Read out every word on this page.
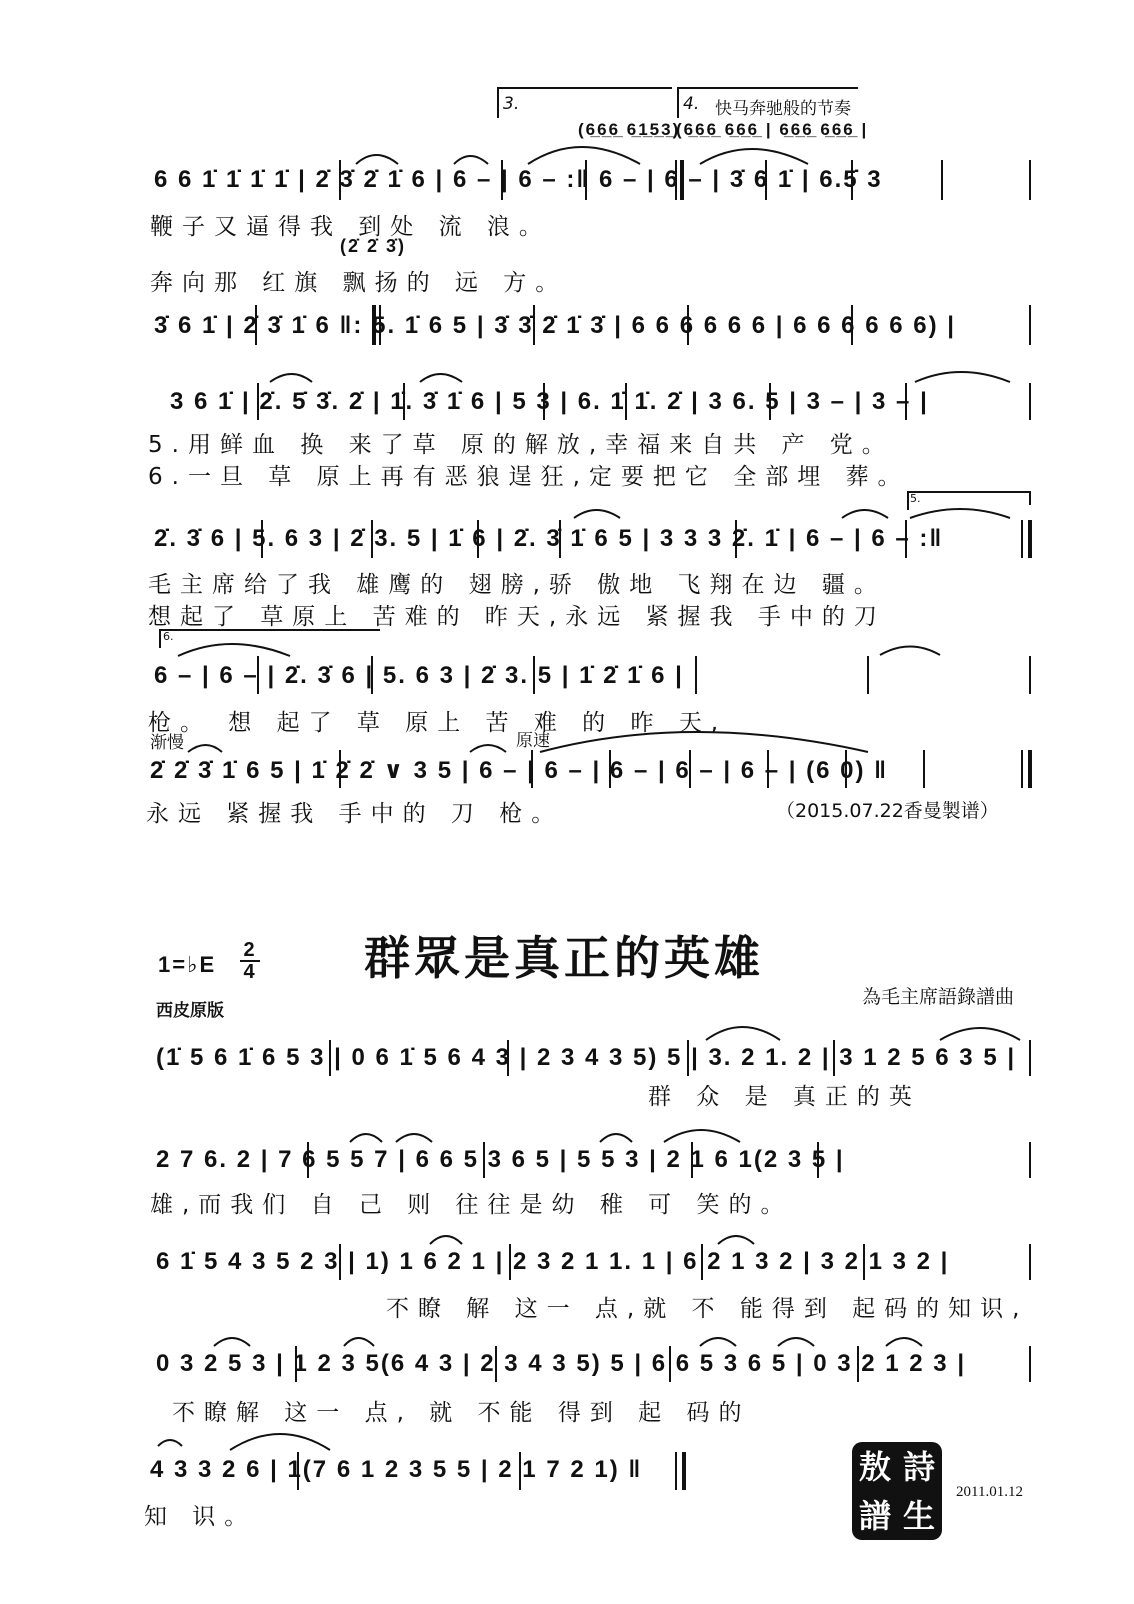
3.	4. 快马奔驰般的节奏
5.
6.
(6̲6̲6̲ 6̲1̲5̲3̲)
(6̲6̲6̲ 6̲6̲6̲ | 6̲6̲6̲ 6̲6̲6̲ |
6 6 1̇ 1̇ 1̇ 1̇ | 2̇ 3̇ 2̇ 1̇ 6 | 6 – | 6 – :‖ 6 – | 6 – | 3̇ 6 1̇ | 6.5̇ 3
鞭子又逼得我 到处 流 浪。
(2̇ 2̇ 3̇)
奔向那 红旗 飘扬的 远 方。
3̇ 6 1̇ | 2̇ 3̇ 1̇ 6 ‖: 5. 1̇ 6 5 | 3̇ 3̇ 2̇ 1̇ 3̇ | 6 6 6 6 6 6 | 6 6 6 6 6 6) |
3 6 1̇ | 2̇. 5̇ 3̇. 2̇ | 1̇. 3̇ 1̇ 6 | 5 3 | 6. 1̇ 1̇. 2̇ | 3 6. 5 | 3 – | 3 – |
5.用鲜血 换 来了草 原的解放,幸福来自共 产 党。
6.一旦 草 原上再有恶狼逞狂,定要把它 全部埋 葬。
2̇. 3̇ 6 | 5. 6 3 | 2̇ 3. 5 | 1̇ 6 | 2̇. 3̇ 1̇ 6 5 | 3 3 3 2̇. 1̇ | 6 – | 6 – :‖
毛主席给了我 雄鹰的 翅膀,骄 傲地 飞翔在边 疆。
想起了 草原上 苦难的 昨天,永远 紧握我 手中的刀
6 – | 6 – | 2̇. 3̇ 6 | 5. 6 3 | 2̇ 3. 5 | 1̇ 2̇ 1̇ 6 |
枪。 想 起了 草 原上 苦 难 的 昨 天,
渐慢	原速
2̇ 2̇ 3̇ 1̇ 6 5 | 1̇ 2̇ 2̇ ∨ 3 5 | 6 – | 6 – | 6 – | 6 – | 6 – | (6 0) ‖
永远 紧握我 手中的 刀 枪。	（2015.07.22香曼製谱）
1=♭E
2
4 群眾是真正的英雄
西皮原版
為毛主席語錄譜曲
(1̇ 5 6 1̇ 6 5 3 | 0 6 1̇ 5 6 4 3 | 2 3 4 3 5) 5 | 3. 2 1. 2 | 3 1 2 5 6 3 5 |
群 众 是 真正的英
2 7 6. 2 | 7 6 5 5 7 | 6 6 5 3 6 5 | 5 5 3 | 2 1 6 1(2 3 5 |
雄,而我们 自 己 则 往往是幼 稚 可 笑的。
6 1̇ 5 4 3 5 2 3 | 1) 1 6 2 1 | 2 3 2 1 1. 1 | 6 2 1 3 2 | 3 2 1 3 2 |
不瞭 解 这一 点,就 不 能得到 起码的知识,
0 3 2 5 3 | 1 2 3 5(6 4 3 | 2 3 4 3 5) 5 | 6 6 5 3 6 5 | 0 3 2 1 2 3 |
不瞭解 这一 点, 就 不能 得到 起 码的
4 3 3 2 6 | 1(7 6 1 2 3 5 5 | 2 1 7 2 1) ‖
知 识。
敖 詩
譜 生
2011.01.12
